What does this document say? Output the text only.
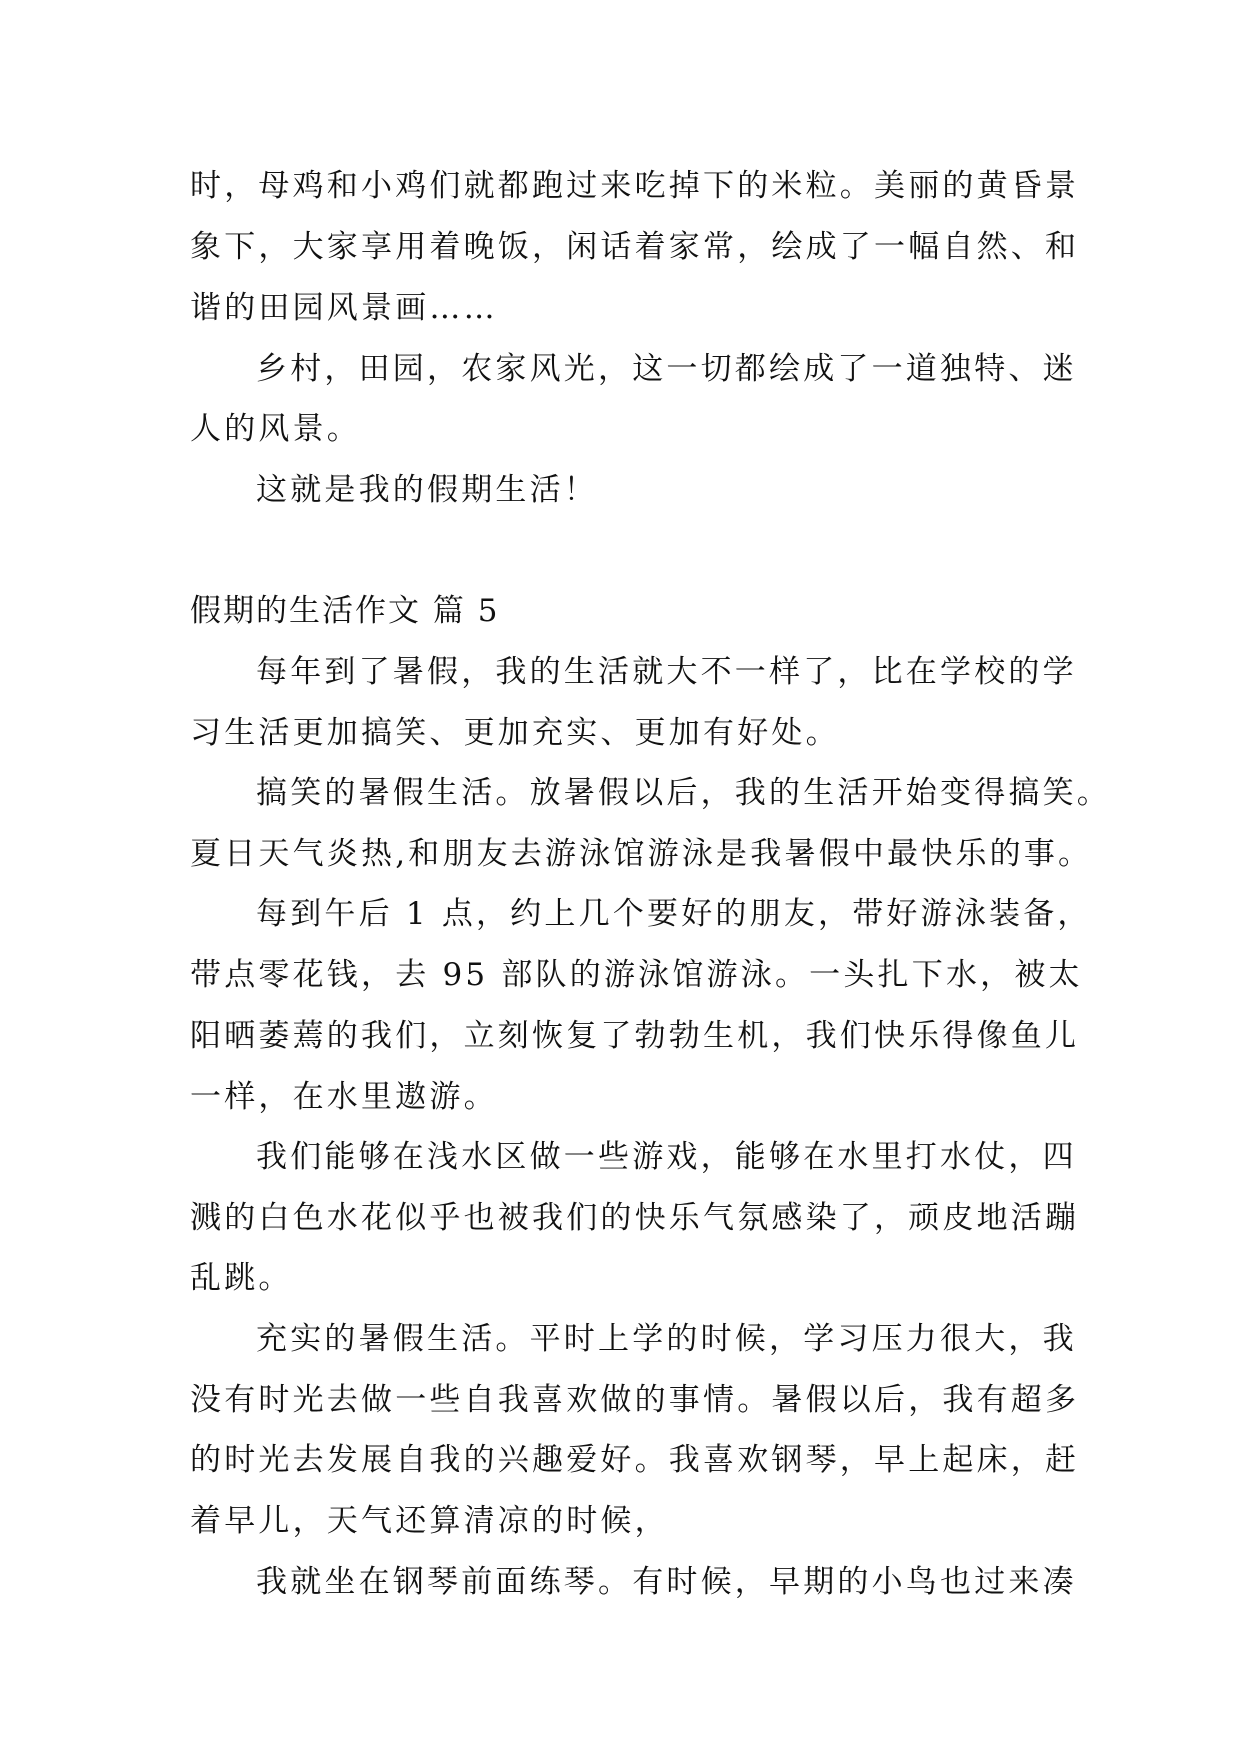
时，母鸡和小鸡们就都跑过来吃掉下的米粒。美丽的黄昏景
象下，大家享用着晚饭，闲话着家常，绘成了一幅自然、和
谐的田园风景画……
乡村，田园，农家风光，这一切都绘成了一道独特、迷
人的风景。
这就是我的假期生活！
假期的生活作文 篇 5
每年到了暑假，我的生活就大不一样了，比在学校的学
习生活更加搞笑、更加充实、更加有好处。
搞笑的暑假生活。放暑假以后，我的生活开始变得搞笑。
夏日天气炎热,和朋友去游泳馆游泳是我暑假中最快乐的事。
每到午后 1 点，约上几个要好的朋友，带好游泳装备，
带点零花钱，去 95 部队的游泳馆游泳。一头扎下水，被太
阳晒萎蔫的我们，立刻恢复了勃勃生机，我们快乐得像鱼儿
一样，在水里遨游。
我们能够在浅水区做一些游戏，能够在水里打水仗，四
溅的白色水花似乎也被我们的快乐气氛感染了，顽皮地活蹦
乱跳。
充实的暑假生活。平时上学的时候，学习压力很大，我
没有时光去做一些自我喜欢做的事情。暑假以后，我有超多
的时光去发展自我的兴趣爱好。我喜欢钢琴，早上起床，赶
着早儿，天气还算清凉的时候，
我就坐在钢琴前面练琴。有时候，早期的小鸟也过来凑
